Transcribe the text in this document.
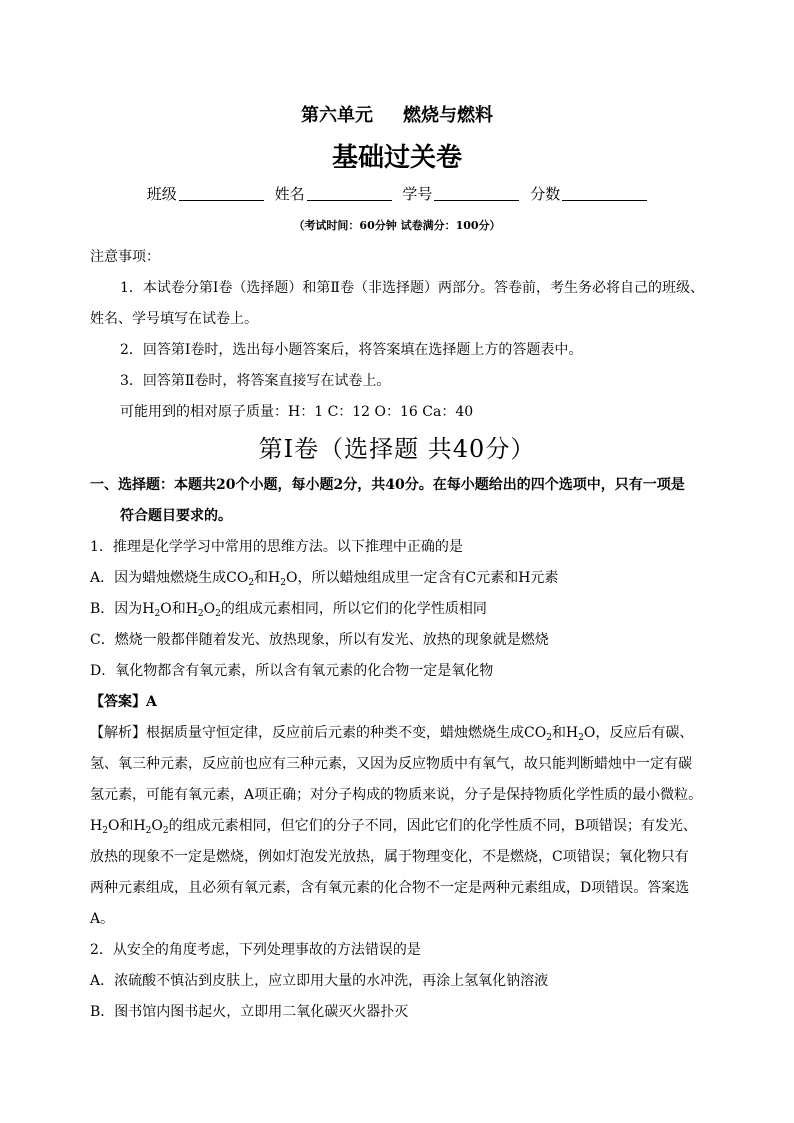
第六单元 燃烧与燃料
基础过关卷
班级	姓名	学号	分数
（考试时间：60分钟 试卷满分：100分）
注意事项：
1．本试卷分第Ⅰ卷（选择题）和第Ⅱ卷（非选择题）两部分。答卷前，考生务必将自己的班级、
姓名、学号填写在试卷上。
2．回答第Ⅰ卷时，选出每小题答案后，将答案填在选择题上方的答题表中。
3．回答第Ⅱ卷时，将答案直接写在试卷上。
可能用到的相对原子质量：H：1 C：12 O：16 Ca：40
第Ⅰ卷（选择题 共40分）
一、选择题：本题共20个小题，每小题2分，共40分。在每小题给出的四个选项中，只有一项是
符合题目要求的。
1．推理是化学学习中常用的思维方法。以下推理中正确的是
A．因为蜡烛燃烧生成$CO_2$和$H_2O$，所以蜡烛组成里一定含有C元素和H元素
B．因为$H_2O$和$H_2O_2$的组成元素相同，所以它们的化学性质相同
C．燃烧一般都伴随着发光、放热现象，所以有发光、放热的现象就是燃烧
D．氧化物都含有氧元素，所以含有氧元素的化合物一定是氧化物
【答案】A
【解析】根据质量守恒定律，反应前后元素的种类不变，蜡烛燃烧生成$CO_2$和$H_2O$，反应后有碳、
氢、氧三种元素，反应前也应有三种元素，又因为反应物质中有氧气，故只能判断蜡烛中一定有碳
氢元素，可能有氧元素，A项正确；对分子构成的物质来说，分子是保持物质化学性质的最小微粒。
$H_2O$和$H_2O_2$的组成元素相同，但它们的分子不同，因此它们的化学性质不同，B项错误；有发光、
放热的现象不一定是燃烧，例如灯泡发光放热，属于物理变化，不是燃烧，C项错误；氧化物只有
两种元素组成，且必须有氧元素，含有氧元素的化合物不一定是两种元素组成，D项错误。答案选
A。
2．从安全的角度考虑，下列处理事故的方法错误的是
A．浓硫酸不慎沾到皮肤上，应立即用大量的水冲洗，再涂上氢氧化钠溶液
B．图书馆内图书起火，立即用二氧化碳灭火器扑灭
